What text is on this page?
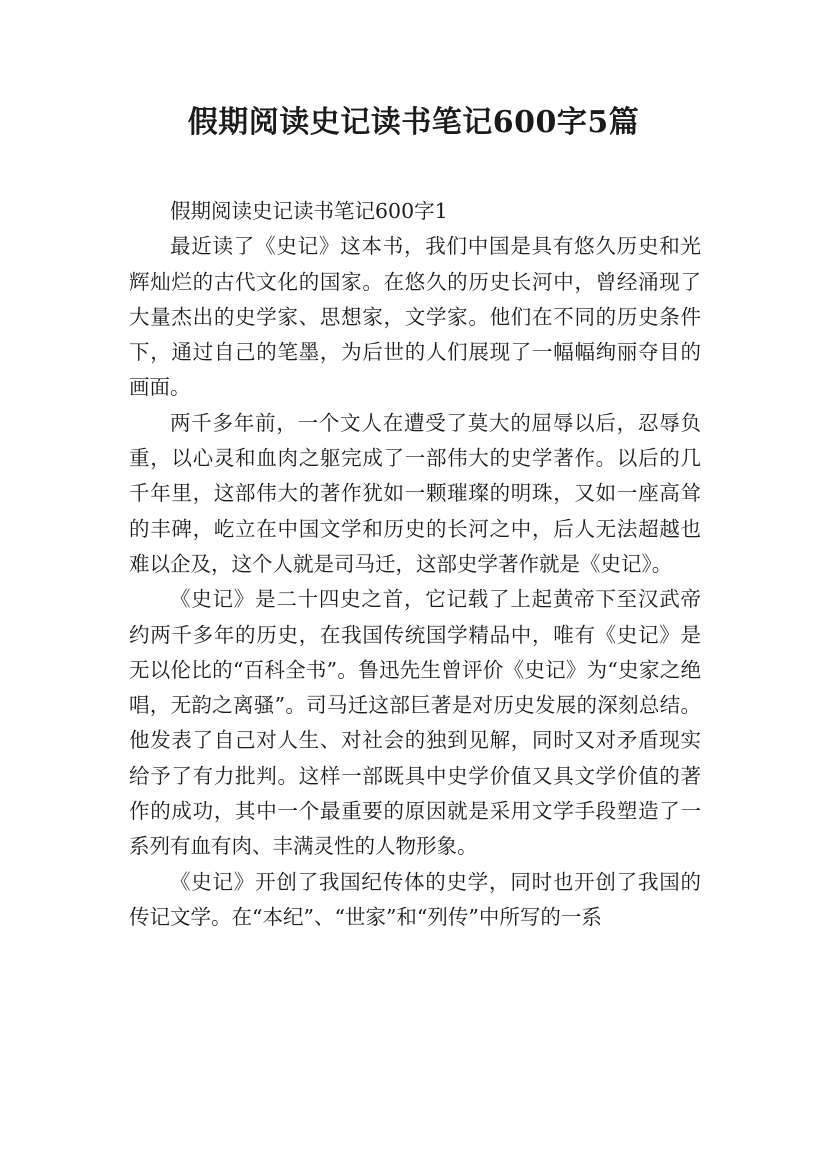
假期阅读史记读书笔记600字5篇

假期阅读史记读书笔记600字1

最近读了《史记》这本书，我们中国是具有悠久历史和光辉灿烂的古代文化的国家。在悠久的历史长河中，曾经涌现了大量杰出的史学家、思想家，文学家。他们在不同的历史条件下，通过自己的笔墨，为后世的人们展现了一幅幅绚丽夺目的画面。

两千多年前，一个文人在遭受了莫大的屈辱以后，忍辱负重，以心灵和血肉之躯完成了一部伟大的史学著作。以后的几千年里，这部伟大的著作犹如一颗璀璨的明珠，又如一座高耸的丰碑，屹立在中国文学和历史的长河之中，后人无法超越也难以企及，这个人就是司马迁，这部史学著作就是《史记》。

《史记》是二十四史之首，它记载了上起黄帝下至汉武帝约两千多年的历史，在我国传统国学精品中，唯有《史记》是无以伦比的“百科全书”。鲁迅先生曾评价《史记》为“史家之绝唱，无韵之离骚”。司马迁这部巨著是对历史发展的深刻总结。他发表了自己对人生、对社会的独到见解，同时又对矛盾现实给予了有力批判。这样一部既具中史学价值又具文学价值的著作的成功，其中一个最重要的原因就是采用文学手段塑造了一系列有血有肉、丰满灵性的人物形象。

《史记》开创了我国纪传体的史学，同时也开创了我国的传记文学。在“本纪”、“世家”和“列传”中所写的一系
